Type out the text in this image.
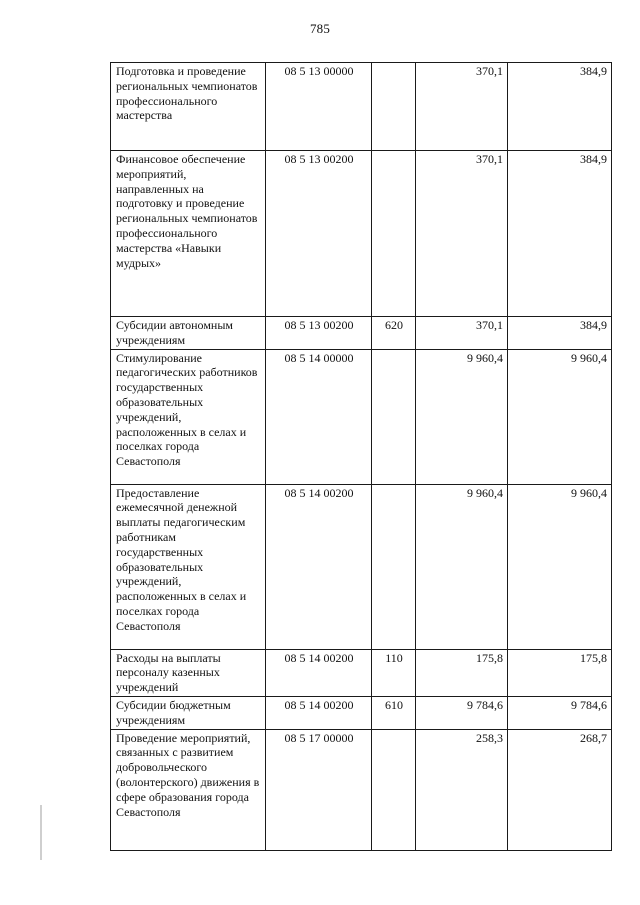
785
Подготовка и проведение региональных чемпионатов профессионального мастерства	08 5 13 00000		370,1	384,9
Финансовое обеспечение мероприятий, направленных на подготовку и проведение региональных чемпионатов профессионального мастерства «Навыки мудрых»	08 5 13 00200		370,1	384,9
Субсидии автономным учреждениям	08 5 13 00200	620	370,1	384,9
Стимулирование педагогических работников государственных образовательных учреждений, расположенных в селах и поселках города Севастополя	08 5 14 00000		9 960,4	9 960,4
Предоставление ежемесячной денежной выплаты педагогическим работникам государственных образовательных учреждений, расположенных в селах и поселках города Севастополя	08 5 14 00200		9 960,4	9 960,4
Расходы на выплаты персоналу казенных учреждений	08 5 14 00200	110	175,8	175,8
Субсидии бюджетным учреждениям	08 5 14 00200	610	9 784,6	9 784,6
Проведение мероприятий, связанных с развитием добровольческого (волонтерского) движения в сфере образования города Севастополя	08 5 17 00000		258,3	268,7
